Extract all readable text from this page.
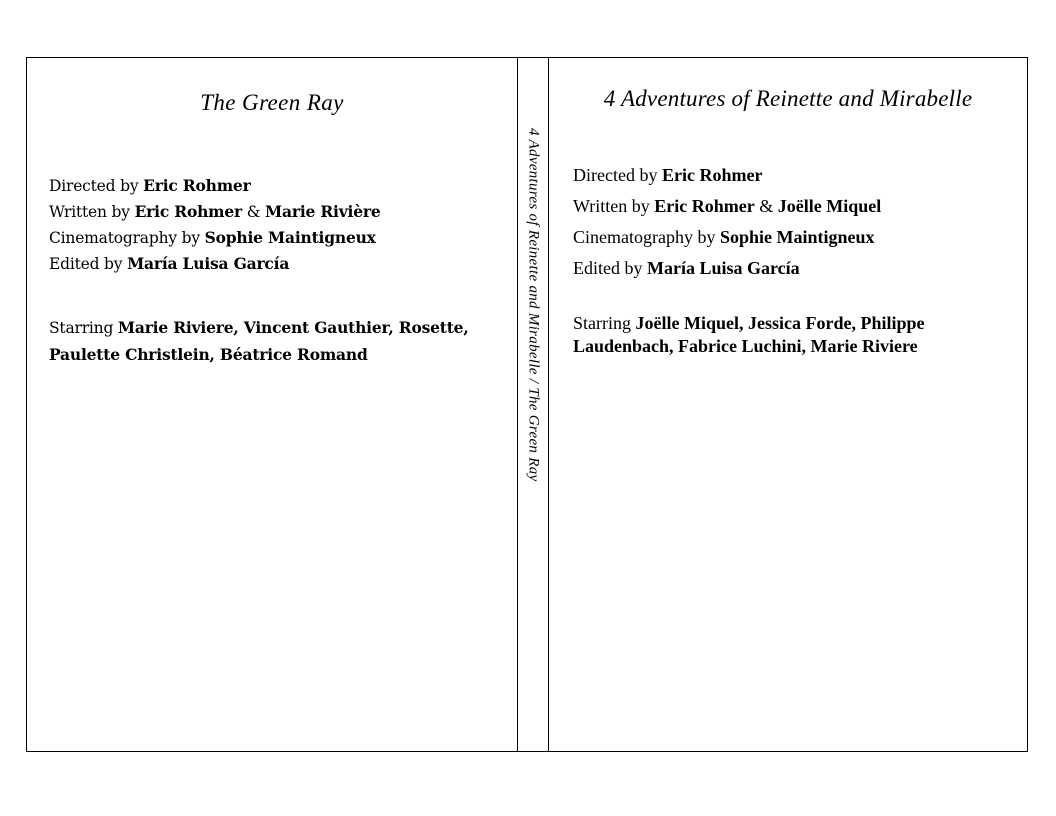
The Green Ray
Directed by Eric Rohmer
Written by Eric Rohmer & Marie Rivière
Cinematography by Sophie Maintigneux
Edited by María Luisa García
Starring Marie Riviere, Vincent Gauthier, Rosette, Paulette Christlein, Béatrice Romand	4 Adventures of Reinette and Mirabelle / The Green Ray
4 Adventures of Reinette and Mirabelle
Directed by Eric Rohmer
Written by Eric Rohmer & Joëlle Miquel
Cinematography by Sophie Maintigneux
Edited by María Luisa García
Starring Joëlle Miquel, Jessica Forde, Philippe Laudenbach, Fabrice Luchini, Marie Riviere
